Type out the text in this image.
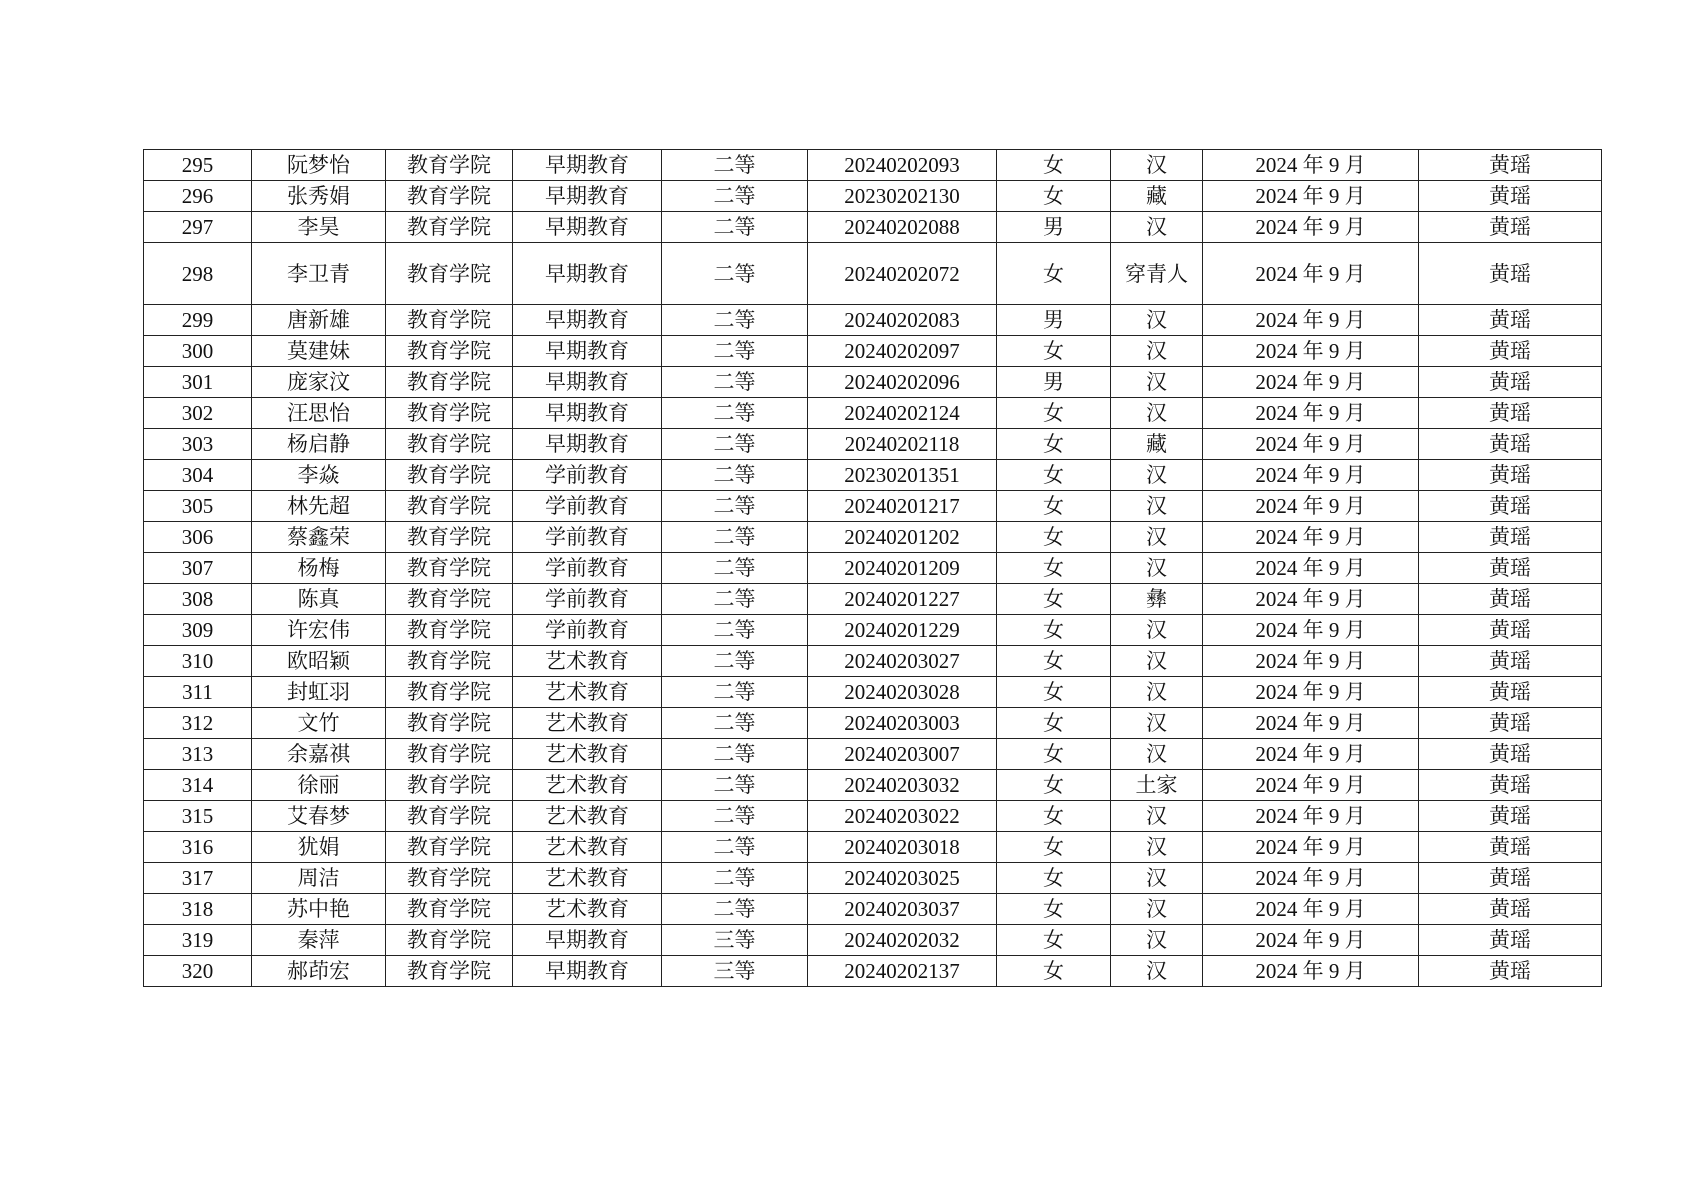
295	阮梦怡	教育学院	早期教育	二等	20240202093	女	汉	2024 年 9 月	黄瑶
296	张秀娟	教育学院	早期教育	二等	20230202130	女	藏	2024 年 9 月	黄瑶
297	李昊	教育学院	早期教育	二等	20240202088	男	汉	2024 年 9 月	黄瑶
298	李卫青	教育学院	早期教育	二等	20240202072	女	穿青人	2024 年 9 月	黄瑶
299	唐新雄	教育学院	早期教育	二等	20240202083	男	汉	2024 年 9 月	黄瑶
300	莫建妹	教育学院	早期教育	二等	20240202097	女	汉	2024 年 9 月	黄瑶
301	庞家汶	教育学院	早期教育	二等	20240202096	男	汉	2024 年 9 月	黄瑶
302	汪思怡	教育学院	早期教育	二等	20240202124	女	汉	2024 年 9 月	黄瑶
303	杨启静	教育学院	早期教育	二等	20240202118	女	藏	2024 年 9 月	黄瑶
304	李焱	教育学院	学前教育	二等	20230201351	女	汉	2024 年 9 月	黄瑶
305	林先超	教育学院	学前教育	二等	20240201217	女	汉	2024 年 9 月	黄瑶
306	蔡鑫荣	教育学院	学前教育	二等	20240201202	女	汉	2024 年 9 月	黄瑶
307	杨梅	教育学院	学前教育	二等	20240201209	女	汉	2024 年 9 月	黄瑶
308	陈真	教育学院	学前教育	二等	20240201227	女	彝	2024 年 9 月	黄瑶
309	许宏伟	教育学院	学前教育	二等	20240201229	女	汉	2024 年 9 月	黄瑶
310	欧昭颖	教育学院	艺术教育	二等	20240203027	女	汉	2024 年 9 月	黄瑶
311	封虹羽	教育学院	艺术教育	二等	20240203028	女	汉	2024 年 9 月	黄瑶
312	文竹	教育学院	艺术教育	二等	20240203003	女	汉	2024 年 9 月	黄瑶
313	余嘉祺	教育学院	艺术教育	二等	20240203007	女	汉	2024 年 9 月	黄瑶
314	徐丽	教育学院	艺术教育	二等	20240203032	女	土家	2024 年 9 月	黄瑶
315	艾春梦	教育学院	艺术教育	二等	20240203022	女	汉	2024 年 9 月	黄瑶
316	犹娟	教育学院	艺术教育	二等	20240203018	女	汉	2024 年 9 月	黄瑶
317	周洁	教育学院	艺术教育	二等	20240203025	女	汉	2024 年 9 月	黄瑶
318	苏中艳	教育学院	艺术教育	二等	20240203037	女	汉	2024 年 9 月	黄瑶
319	秦萍	教育学院	早期教育	三等	20240202032	女	汉	2024 年 9 月	黄瑶
320	郝茚宏	教育学院	早期教育	三等	20240202137	女	汉	2024 年 9 月	黄瑶
